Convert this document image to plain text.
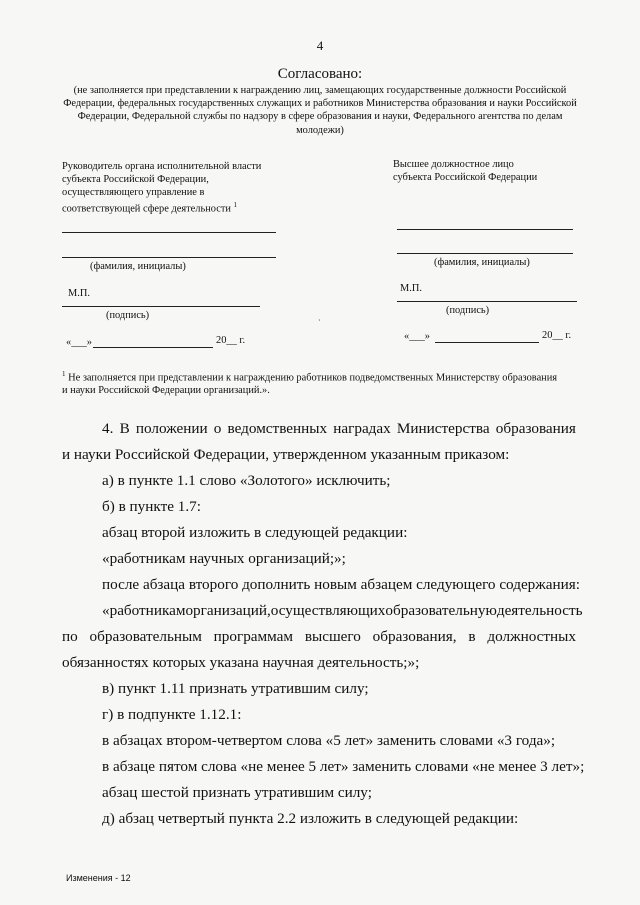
4
Согласовано:
(не заполняется при представлении к награждению лиц, замещающих государственные должности Российской
Федерации, федеральных государственных служащих и работников Министерства образования и науки Российской
Федерации, Федеральной службы по надзору в сфере образования и науки, Федерального агентства по делам
молодежи)
Руководитель органа исполнительной власти
субъекта Российской Федерации,
осуществляющего управление в
соответствующей сфере деятельности $^1$
(фамилия, инициалы)
М.П.
(подпись)
«___»	20__ г.
Высшее должностное лицо
субъекта Российской Федерации
(фамилия, инициалы)
М.П.
(подпись)
«___»	20__ г.
·

$^1$ Не заполняется при представлении к награждению работников подведомственных Министерству образования

и науки Российской Федерации организаций.».

4. В положении о ведомственных наградах Министерства образования
и науки Российской Федерации, утвержденном указанным приказом:
а) в пункте 1.1 слово «Золотого» исключить;
б) в пункте 1.7:
абзац второй изложить в следующей редакции:
«работникам научных организаций;»;
после абзаца второго дополнить новым абзацем следующего содержания:
«работникам организаций, осуществляющих образовательную деятельность
по образовательным программам высшего образования, в должностных
обязанностях которых указана научная деятельность;»;
в) пункт 1.11 признать утратившим силу;
г) в подпункте 1.12.1:
в абзацах втором-четвертом слова «5 лет» заменить словами «3 года»;
в абзаце пятом слова «не менее 5 лет» заменить словами «не менее 3 лет»;
абзац шестой признать утратившим силу;
д) абзац четвертый пункта 2.2 изложить в следующей редакции:
Изменения - 12
